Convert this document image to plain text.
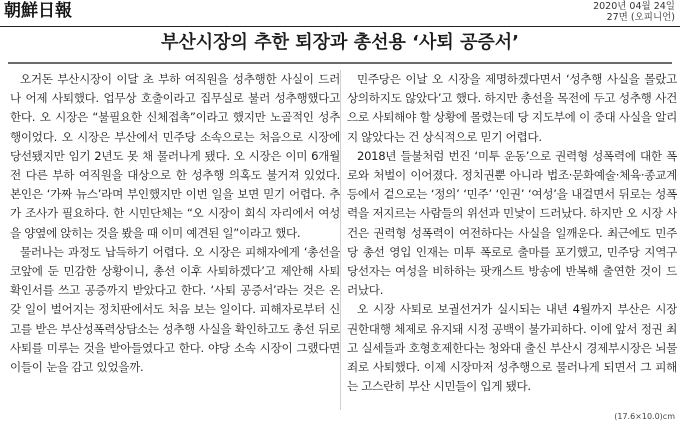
朝鮮日報	2020년 04월 24일
27면 (오피니언)
부산시장의 추한 퇴장과 총선용 ‘사퇴 공증서’

오거돈 부산시장이 이달 초 부하 여직원을 성추행한 사실이 드러나 어제 사퇴했다. 업무상 호출이라고 집무실로 불러 성추행했다고 한다. 오 시장은 “불필요한 신체접촉”이라고 했지만 노골적인 성추행이었다. 오 시장은 부산에서 민주당 소속으로는 처음으로 시장에 당선됐지만 임기 2년도 못 채 물러나게 됐다. 오 시장은 이미 6개월 전 다른 부하 여직원을 대상으로 한 성추행 의혹도 불거져 있었다. 본인은 ‘가짜 뉴스’라며 부인했지만 이번 일을 보면 믿기 어렵다. 추가 조사가 필요하다. 한 시민단체는 “오 시장이 회식 자리에서 여성을 양옆에 앉히는 것을 봤을 때 이미 예견된 일”이라고 했다.

물러나는 과정도 납득하기 어렵다. 오 시장은 피해자에게 ‘총선을 코앞에 둔 민감한 상황이니, 총선 이후 사퇴하겠다’고 제안해 사퇴 확인서를 쓰고 공증까지 받았다고 한다. ‘사퇴 공증서’라는 것은 온갖 일이 벌어지는 정치판에서도 처음 보는 일이다. 피해자로부터 신고를 받은 부산성폭력상담소는 성추행 사실을 확인하고도 총선 뒤로 사퇴를 미루는 것을 받아들였다고 한다. 야당 소속 시장이 그랬다면 이들이 눈을 감고 있었을까.

민주당은 이날 오 시장을 제명하겠다면서 ‘성추행 사실을 몰랐고 상의하지도 않았다’고 했다. 하지만 총선을 목전에 두고 성추행 사건으로 사퇴해야 할 상황에 몰렸는데 당 지도부에 이 중대 사실을 알리지 않았다는 건 상식적으로 믿기 어렵다.

2018년 들불처럼 번진 ‘미투 운동’으로 권력형 성폭력에 대한 폭로와 처벌이 이어졌다. 정치권뿐 아니라 법조·문화예술·체육·종교계 등에서 겉으로는 ‘정의’ ‘민주’ ‘인권’ ‘여성’을 내걸면서 뒤로는 성폭력을 저지르는 사람들의 위선과 민낯이 드러났다. 하지만 오 시장 사건은 권력형 성폭력이 여전하다는 사실을 일깨운다. 최근에도 민주당 총선 영입 인재는 미투 폭로로 출마를 포기했고, 민주당 지역구 당선자는 여성을 비하하는 팟캐스트 방송에 반복해 출연한 것이 드러났다.

오 시장 사퇴로 보궐선거가 실시되는 내년 4월까지 부산은 시장 권한대행 체제로 유지돼 시정 공백이 불가피하다. 이에 앞서 정권 최고 실세들과 호형호제한다는 청와대 출신 부산시 경제부시장은 뇌물죄로 사퇴했다. 이제 시장마저 성추행으로 물러나게 되면서 그 피해는 고스란히 부산 시민들이 입게 됐다.

(17.6×10.0)cm
